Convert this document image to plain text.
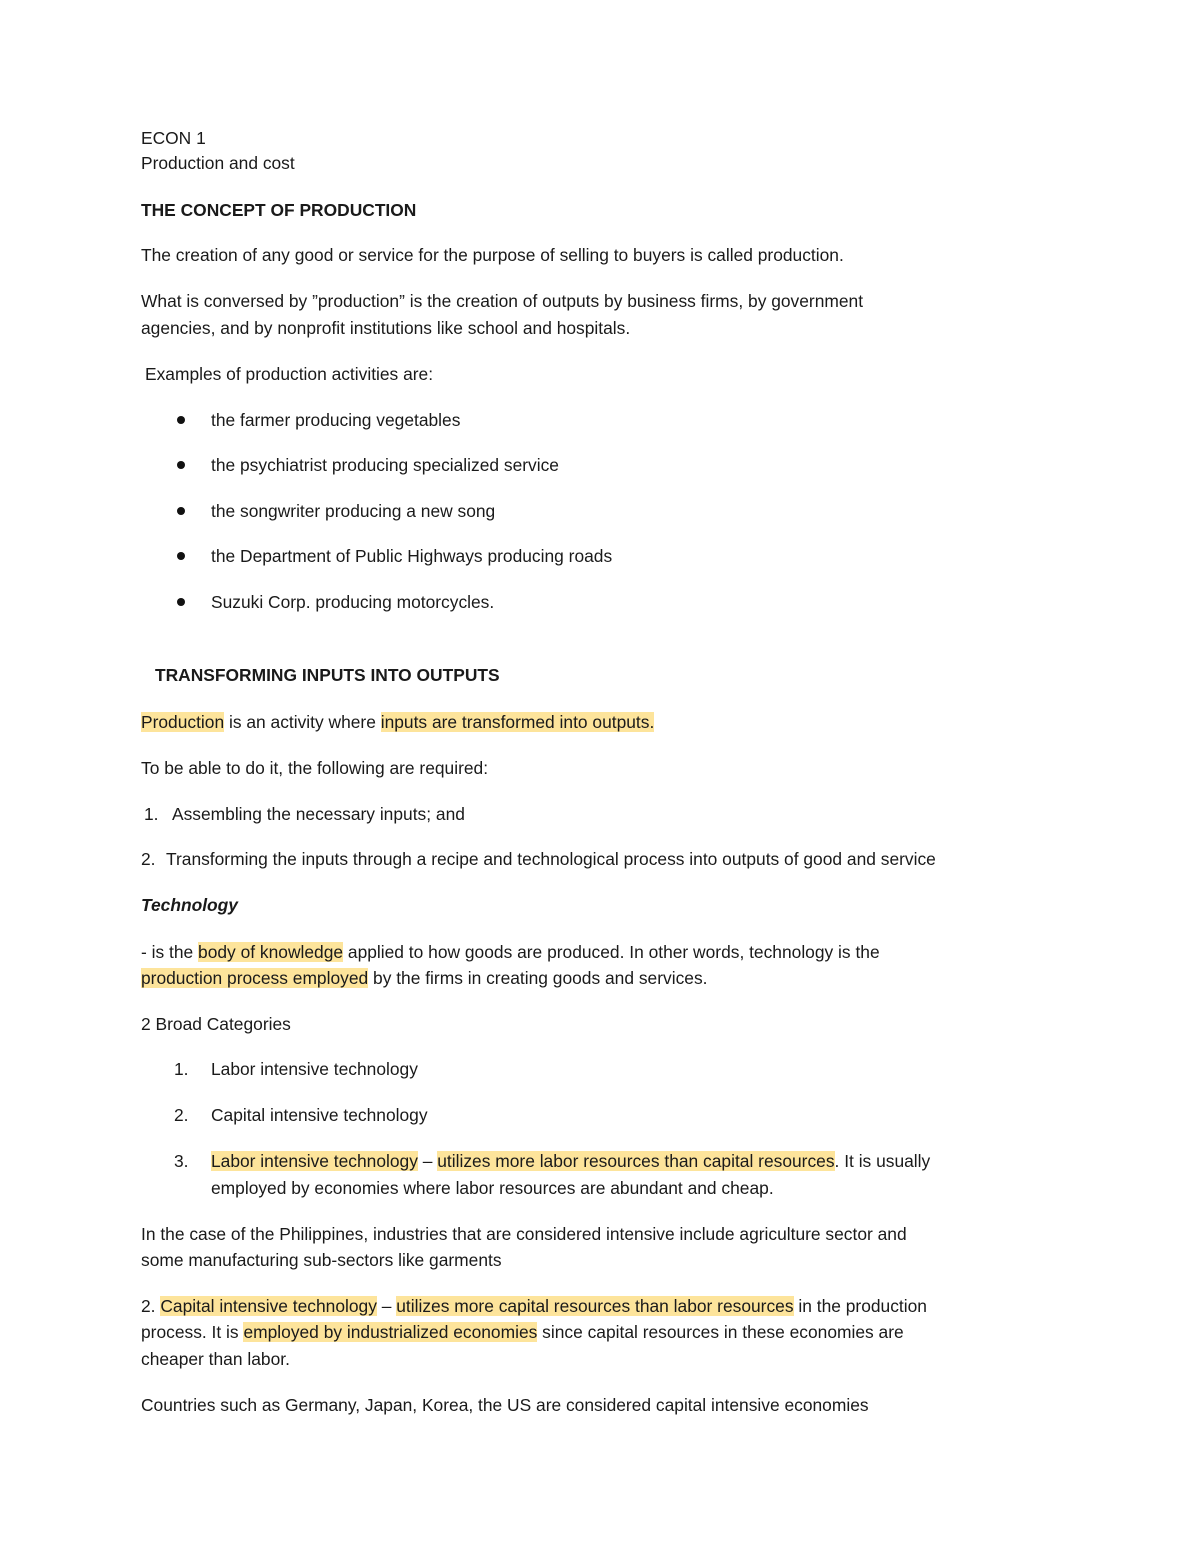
ECON 1
Production and cost
THE CONCEPT OF PRODUCTION
The creation of any good or service for the purpose of selling to buyers is called production.
What is conversed by ”production” is the creation of outputs by business firms, by government
agencies, and by nonprofit institutions like school and hospitals.
Examples of production activities are:
the farmer producing vegetables
the psychiatrist producing specialized service
the songwriter producing a new song
the Department of Public Highways producing roads
Suzuki Corp. producing motorcycles.
TRANSFORMING INPUTS INTO OUTPUTS
Production is an activity where inputs are transformed into outputs.
To be able to do it, the following are required:
1. Assembling the necessary inputs; and
2. Transforming the inputs through a recipe and technological process into outputs of good and service
Technology
- is the body of knowledge applied to how goods are produced. In other words, technology is the
production process employed by the firms in creating goods and services.
2 Broad Categories
1. Labor intensive technology
2. Capital intensive technology
3. Labor intensive technology – utilizes more labor resources than capital resources. It is usually
employed by economies where labor resources are abundant and cheap.
In the case of the Philippines, industries that are considered intensive include agriculture sector and
some manufacturing sub-sectors like garments
2. Capital intensive technology – utilizes more capital resources than labor resources in the production
process. It is employed by industrialized economies since capital resources in these economies are
cheaper than labor.
Countries such as Germany, Japan, Korea, the US are considered capital intensive economies
